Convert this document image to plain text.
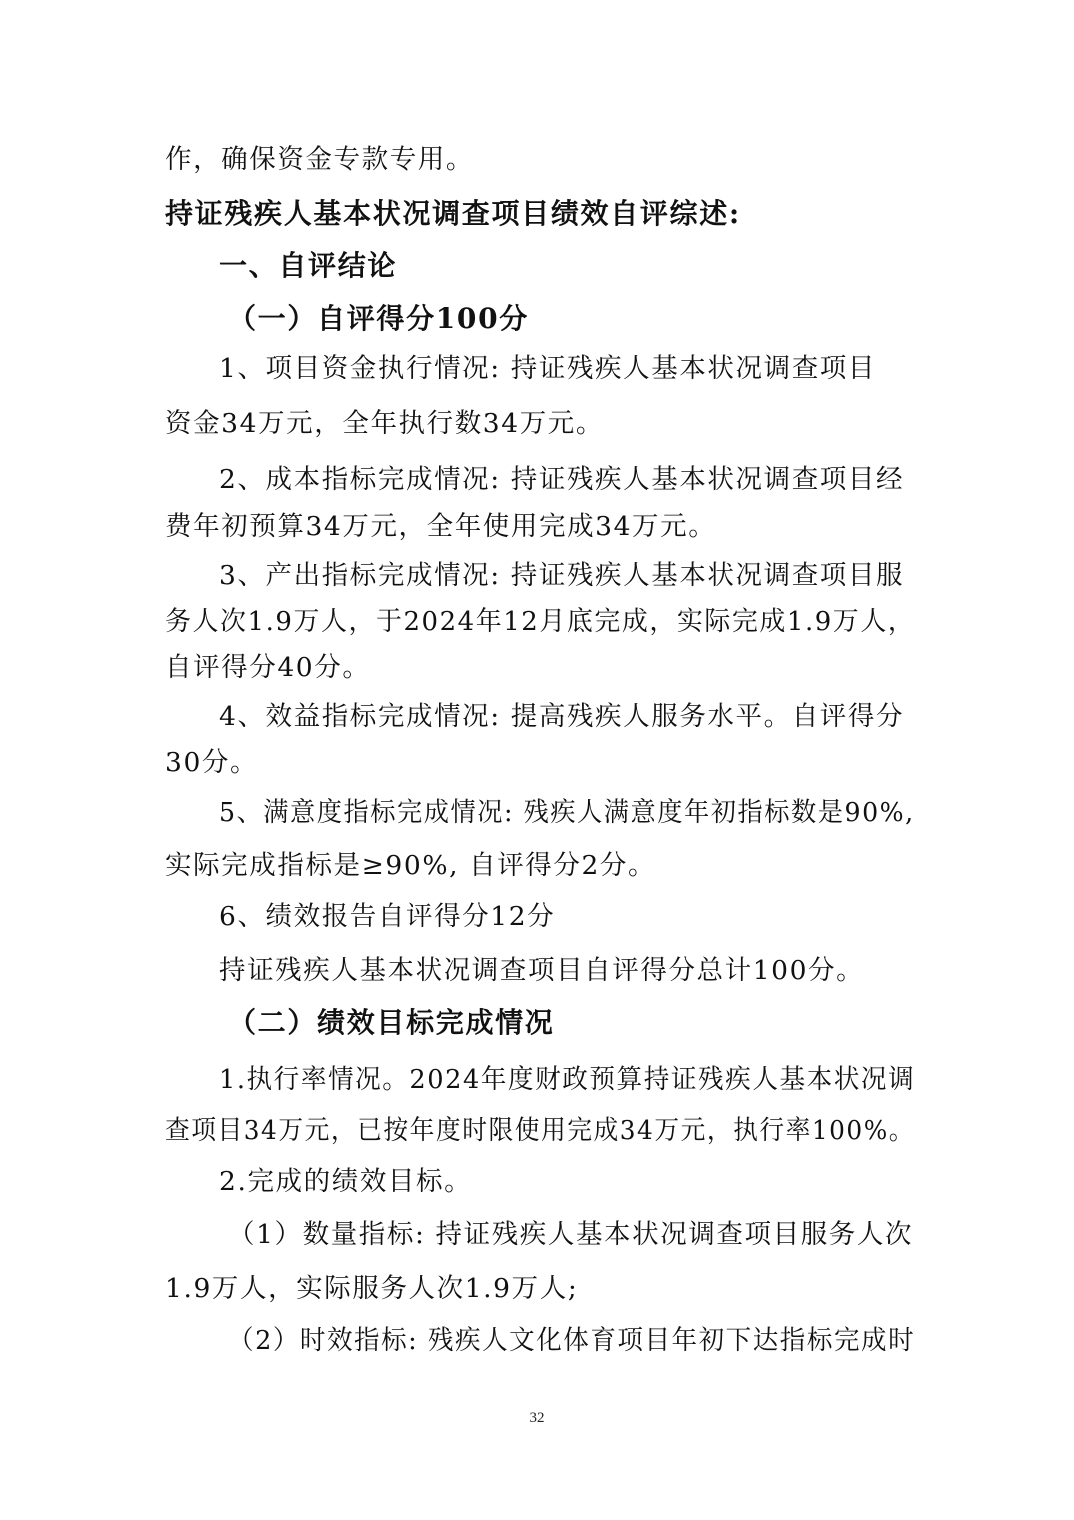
作，确保资金专款专用。

持证残疾人基本状况调查项目绩效自评综述:

一、自评结论

（一）自评得分100分

1、项目资金执行情况: 持证残疾人基本状况调查项目

资金34万元，全年执行数34万元。

2、成本指标完成情况: 持证残疾人基本状况调查项目经

费年初预算34万元，全年使用完成34万元。

3、产出指标完成情况: 持证残疾人基本状况调查项目服

务人次1.9万人，于2024年12月底完成，实际完成1.9万人，

自评得分40分。

4、效益指标完成情况: 提高残疾人服务水平。自评得分

30分。

5、满意度指标完成情况: 残疾人满意度年初指标数是90%,

实际完成指标是≥90%, 自评得分2分。

6、绩效报告自评得分12分

持证残疾人基本状况调查项目自评得分总计100分。

（二）绩效目标完成情况

1.执行率情况。2024年度财政预算持证残疾人基本状况调

查项目34万元，已按年度时限使用完成34万元，执行率100%。

2.完成的绩效目标。

（1）数量指标: 持证残疾人基本状况调查项目服务人次

1.9万人，实际服务人次1.9万人;

（2）时效指标: 残疾人文化体育项目年初下达指标完成时

32
